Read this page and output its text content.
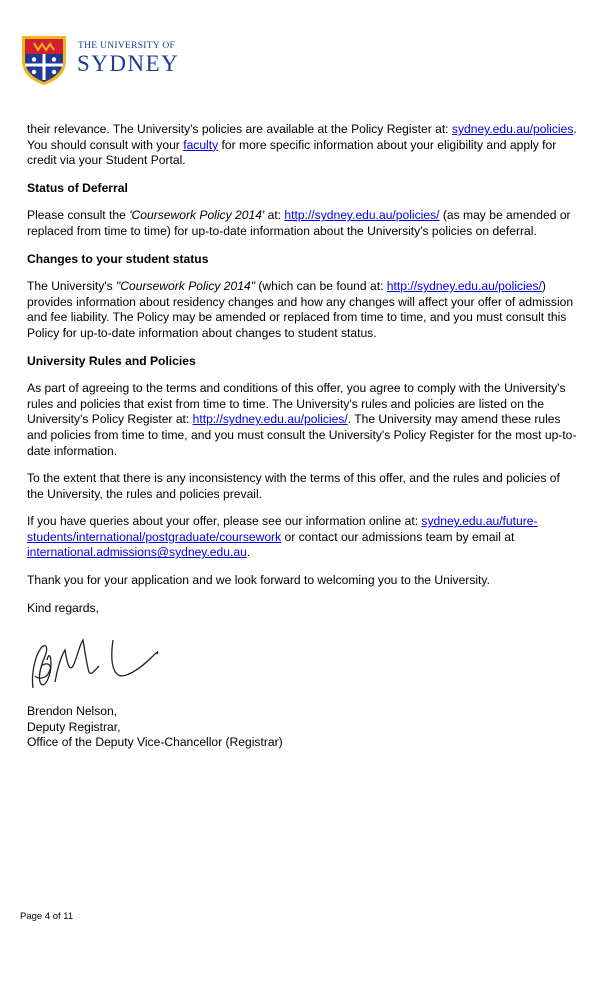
THE UNIVERSITY OF
SYDNEY

their relevance. The University's policies are available at the Policy Register at: sydney.edu.au/policies. You should consult with your faculty for more specific information about your eligibility and apply for credit via your Student Portal.

Status of Deferral

Please consult the 'Coursework Policy 2014' at: http://sydney.edu.au/policies/ (as may be amended or replaced from time to time) for up-to-date information about the University's policies on deferral.

Changes to your student status

The University's "Coursework Policy 2014" (which can be found at: http://sydney.edu.au/policies/) provides information about residency changes and how any changes will affect your offer of admission and fee liability. The Policy may be amended or replaced from time to time, and you must consult this Policy for up-to-date information about changes to student status.

University Rules and Policies

As part of agreeing to the terms and conditions of this offer, you agree to comply with the University's rules and policies that exist from time to time. The University's rules and policies are listed on the University's Policy Register at: http://sydney.edu.au/policies/. The University may amend these rules and policies from time to time, and you must consult the University's Policy Register for the most up-to-date information.

To the extent that there is any inconsistency with the terms of this offer, and the rules and policies of the University, the rules and policies prevail.

If you have queries about your offer, please see our information online at: sydney.edu.au/future-students/international/postgraduate/coursework or contact our admissions team by email at international.admissions@sydney.edu.au.

Thank you for your application and we look forward to welcoming you to the University.

Kind regards,

Brendon Nelson,

Deputy Registrar,

Office of the Deputy Vice-Chancellor (Registrar)

Page 4 of 11
